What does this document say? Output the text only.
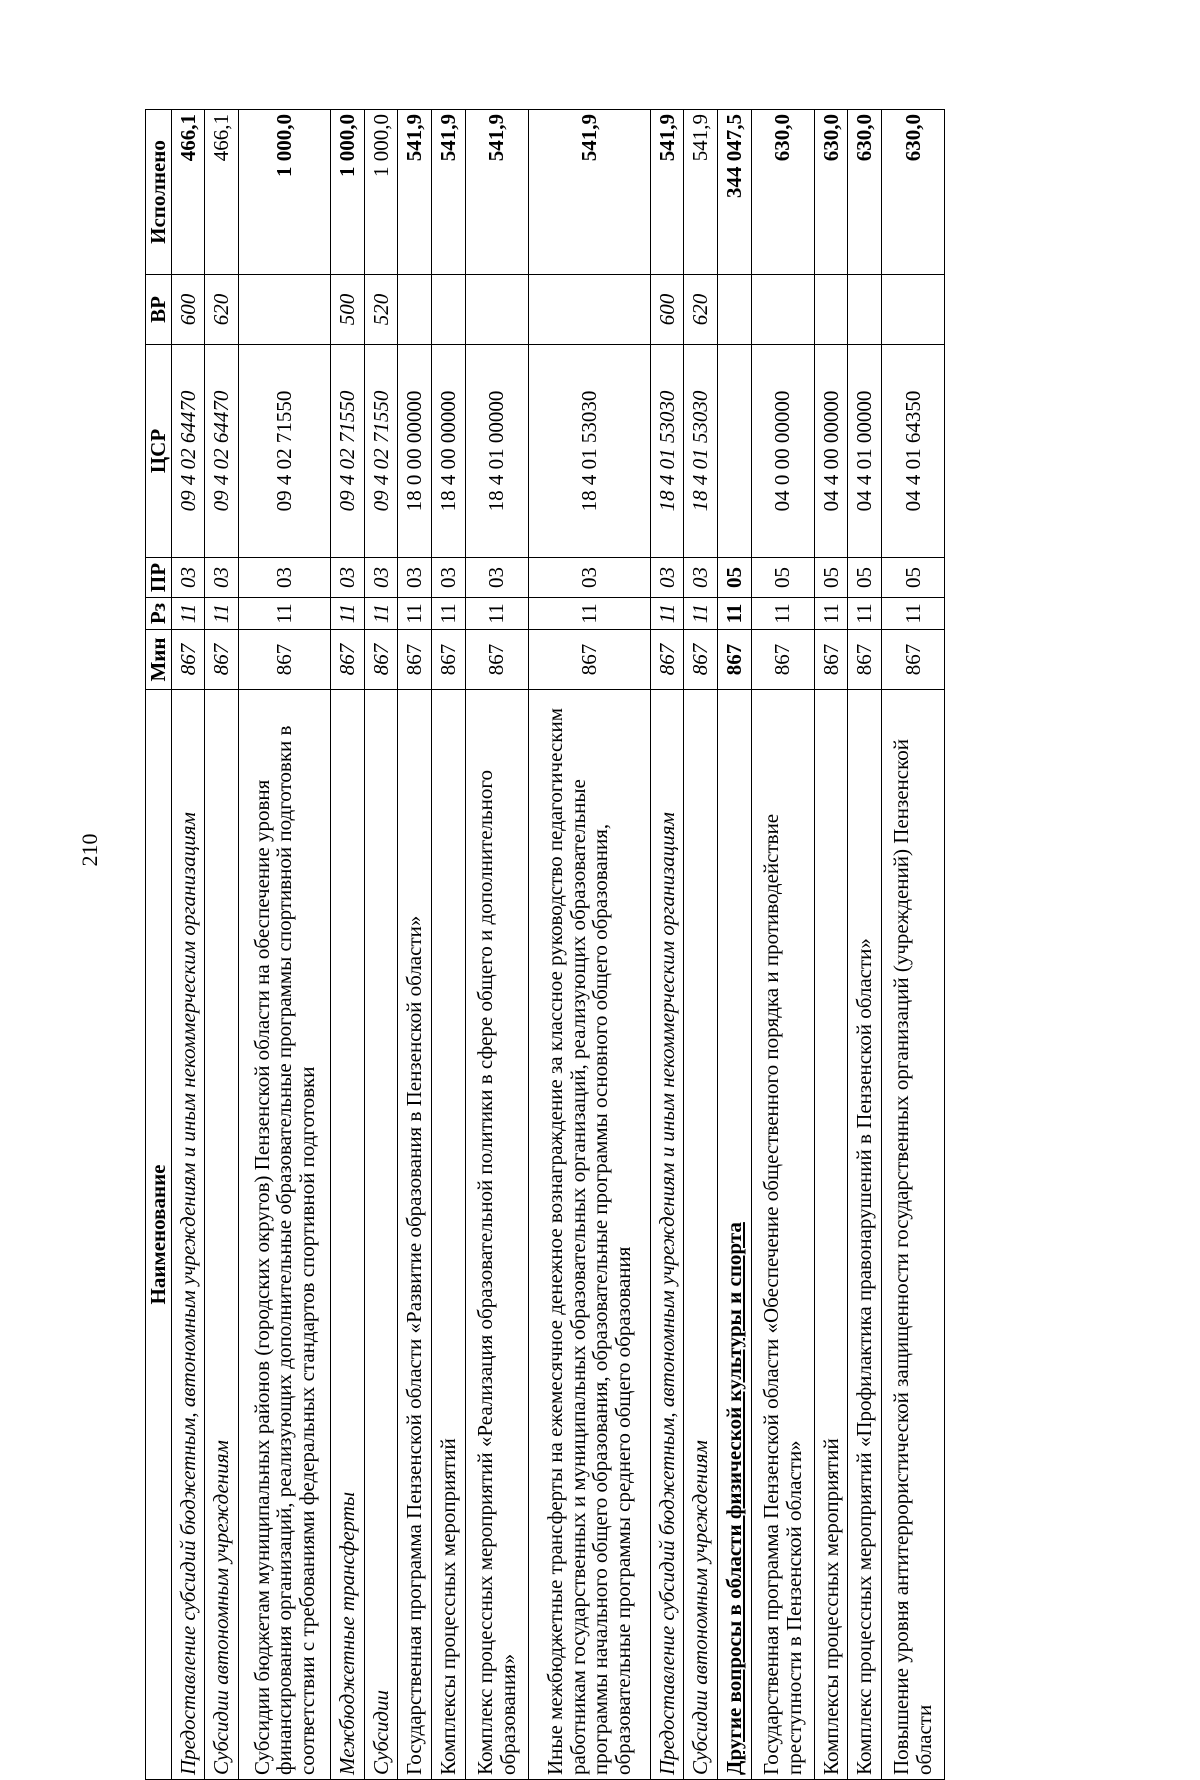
210
Наименование	Мин	Рз	ПР	ЦСР	ВР	Исполнено
Предоставление субсидий бюджетным, автономным учреждениям и иным некоммерческим организациям	867	11	03	09 4 02 64470	600	466,1
Субсидии автономным учреждениям	867	11	03	09 4 02 64470	620	466,1
Субсидии бюджетам муниципальных районов (городских округов) Пензенской области на обеспечение уровня финансирования организаций, реализующих дополнительные образовательные программы спортивной подготовки в соответствии с требованиями федеральных стандартов спортивной подготовки	867	11	03	09 4 02 71550		1 000,0
Межбюджетные трансферты	867	11	03	09 4 02 71550	500	1 000,0
Субсидии	867	11	03	09 4 02 71550	520	1 000,0
Государственная программа Пензенской области «Развитие образования в Пензенской области»	867	11	03	18 0 00 00000		541,9
Комплексы процессных мероприятий	867	11	03	18 4 00 00000		541,9
Комплекс процессных мероприятий «Реализация образовательной политики в сфере общего и дополнительного образования»	867	11	03	18 4 01 00000		541,9
Иные межбюджетные трансферты на ежемесячное денежное вознаграждение за классное руководство педагогическим работникам государственных и муниципальных образовательных организаций, реализующих образовательные программы начального общего образования, образовательные программы основного общего образования, образовательные программы среднего общего образования	867	11	03	18 4 01 53030		541,9
Предоставление субсидий бюджетным, автономным учреждениям и иным некоммерческим организациям	867	11	03	18 4 01 53030	600	541,9
Субсидии автономным учреждениям	867	11	03	18 4 01 53030	620	541,9
Другие вопросы в области физической культуры и спорта	867	11	05			344 047,5
Государственная программа Пензенской области «Обеспечение общественного порядка и противодействие преступности в Пензенской области»	867	11	05	04 0 00 00000		630,0
Комплексы процессных мероприятий	867	11	05	04 4 00 00000		630,0
Комплекс процессных мероприятий «Профилактика правонарушений в Пензенской области»	867	11	05	04 4 01 00000		630,0
Повышение уровня антитеррористической защищенности государственных организаций (учреждений) Пензенской области	867	11	05	04 4 01 64350		630,0
